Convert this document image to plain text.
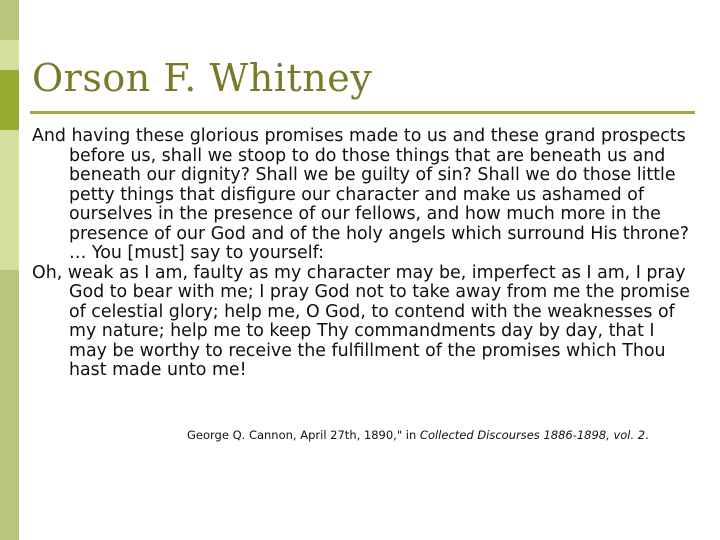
Orson F. Whitney

And having these glorious promises made to us and these grand prospects before us, shall we stoop to do those things that are beneath us and beneath our dignity? Shall we be guilty of sin? Shall we do those little petty things that disfigure our character and make us ashamed of ourselves in the presence of our fellows, and how much more in the presence of our God and of the holy angels which surround His throne? … You [must] say to yourself:

Oh, weak as I am, faulty as my character may be, imperfect as I am, I pray God to bear with me; I pray God not to take away from me the promise of celestial glory; help me, O God, to contend with the weaknesses of my nature; help me to keep Thy commandments day by day, that I may be worthy to receive the fulfillment of the promises which Thou hast made unto me!

George Q. Cannon, April 27th, 1890," in Collected Discourses 1886-1898, vol. 2.
